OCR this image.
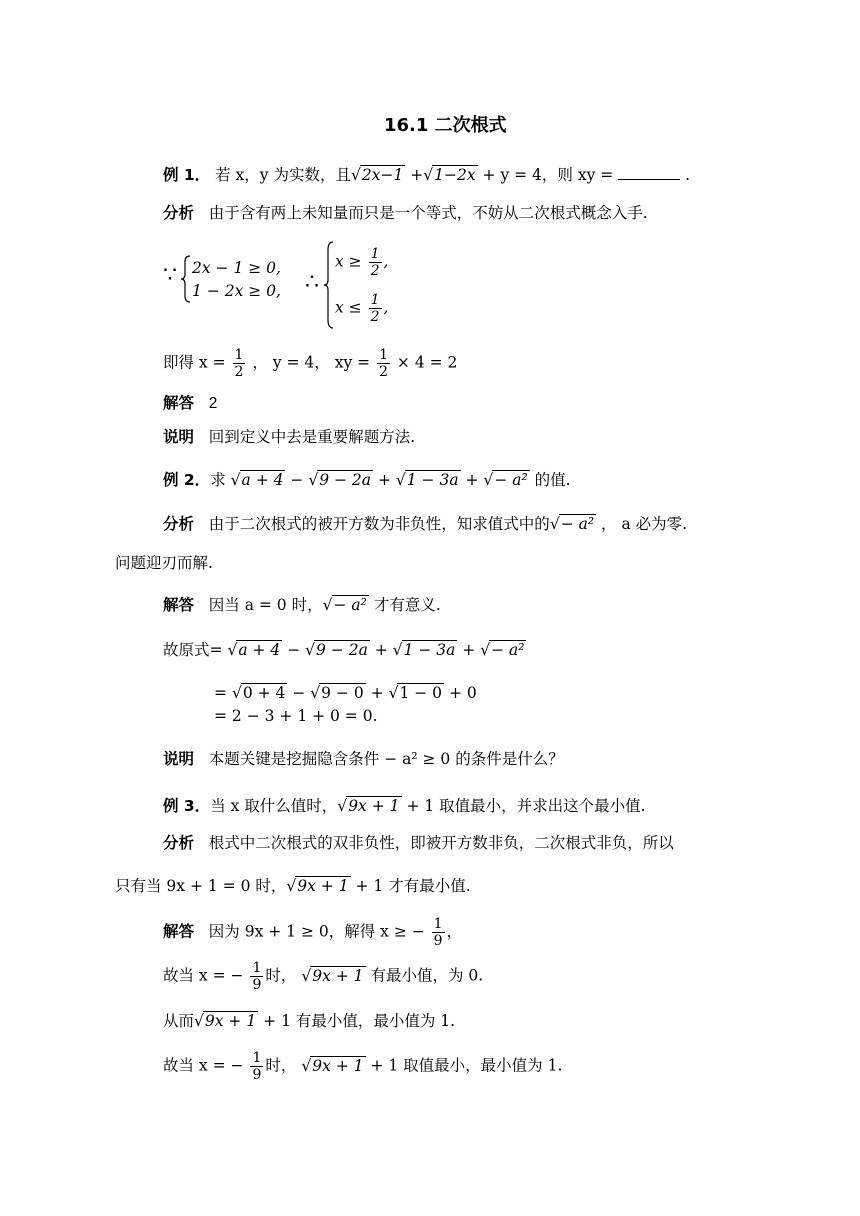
16.1 二次根式
例 1． 若 x，y 为实数，且 √ 2x−1 + √ 1−2x + y = 4，则 xy =	.
分析 由于含有两上未知量而只是一个等式，不妨从二次根式概念入手.
∵ 2x − 1 ≥ 0,
1 − 2x ≥ 0, ∴
$x \ge \frac{1}{2}$ ,
$x \le \frac{1}{2}$ ,
即得 $x = \frac{1}{2}$ ， y = 4， xy = $\frac{1}{2} \times 4 = 2$
解答 2
说明 回到定义中去是重要解题方法.
例 2．求 √ a + 4 − √ 9 − 2a + √ 1 − 3a + √ − a² 的值.
分析 由于二次根式的被开方数为非负性，知求值式中的 √ − a² ， a 必为零.
问题迎刃而解.
解答 因当 a = 0 时， √ − a² 才有意义.
故原式= √ a + 4 − √ 9 − 2a + √ 1 − 3a + √ − a²
= √ 0 + 4 − √ 9 − 0 + √ 1 − 0 + 0
= 2 − 3 + 1 + 0 = 0.
说明 本题关键是挖掘隐含条件 − a² ≥ 0 的条件是什么？
例 3．当 x 取什么值时， √ 9x + 1 + 1 取值最小，并求出这个最小值.
分析 根式中二次根式的双非负性，即被开方数非负，二次根式非负，所以
只有当 9x + 1 = 0 时， √ 9x + 1 + 1 才有最小值.
解答 因为 9x + 1 ≥ 0，解得 x ≥ − $\frac{1}{9}$ ，
故当 x = − $\frac{1}{9}$ 时， √ 9x + 1 有最小值，为 0.
从而 √ 9x + 1 + 1 有最小值，最小值为 1.
故当 x = − $\frac{1}{9}$ 时， √ 9x + 1 + 1 取值最小，最小值为 1.
